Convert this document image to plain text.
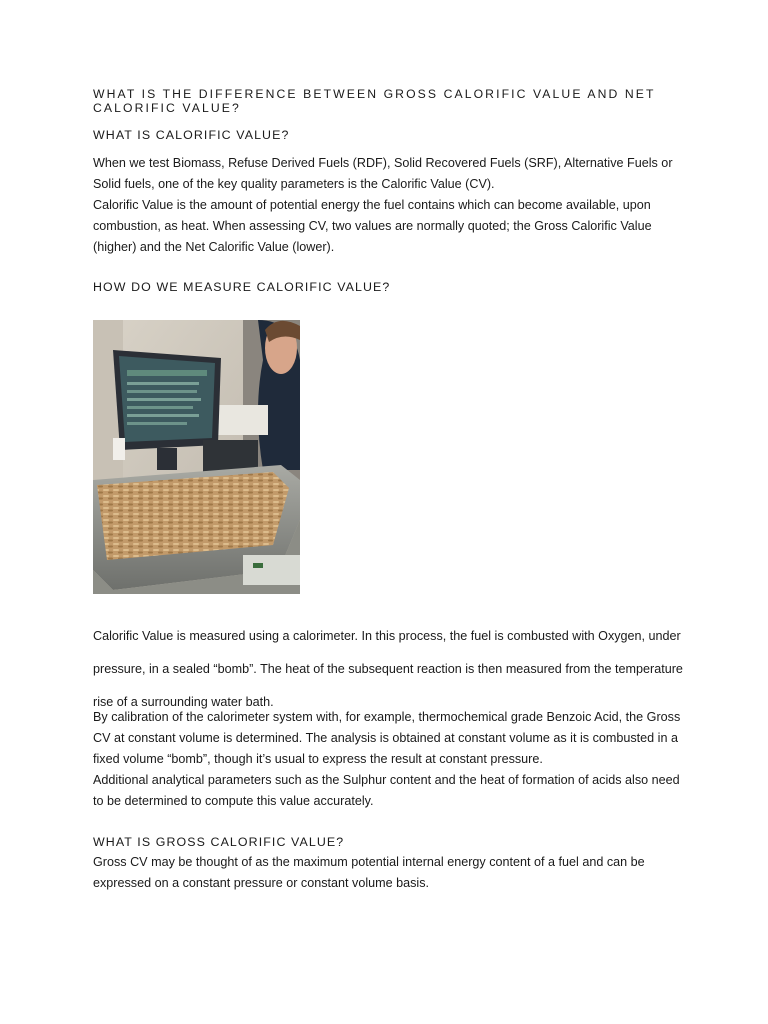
WHAT IS THE DIFFERENCE BETWEEN GROSS CALORIFIC VALUE AND NET CALORIFIC VALUE?
WHAT IS CALORIFIC VALUE?

When we test Biomass, Refuse Derived Fuels (RDF), Solid Recovered Fuels (SRF), Alternative Fuels or Solid fuels, one of the key quality parameters is the Calorific Value (CV).

Calorific Value is the amount of potential energy the fuel contains which can become available, upon combustion, as heat. When assessing CV, two values are normally quoted; the Gross Calorific Value (higher) and the Net Calorific Value (lower).

HOW DO WE MEASURE CALORIFIC VALUE?

Calorific Value is measured using a calorimeter. In this process, the fuel is combusted with Oxygen, under pressure, in a sealed “bomb”. The heat of the subsequent reaction is then measured from the temperature rise of a surrounding water bath.

By calibration of the calorimeter system with, for example, thermochemical grade Benzoic Acid, the Gross CV at constant volume is determined. The analysis is obtained at constant volume as it is combusted in a fixed volume “bomb”, though it’s usual to express the result at constant pressure.

Additional analytical parameters such as the Sulphur content and the heat of formation of acids also need to be determined to compute this value accurately.

WHAT IS GROSS CALORIFIC VALUE?

Gross CV may be thought of as the maximum potential internal energy content of a fuel and can be expressed on a constant pressure or constant volume basis.
